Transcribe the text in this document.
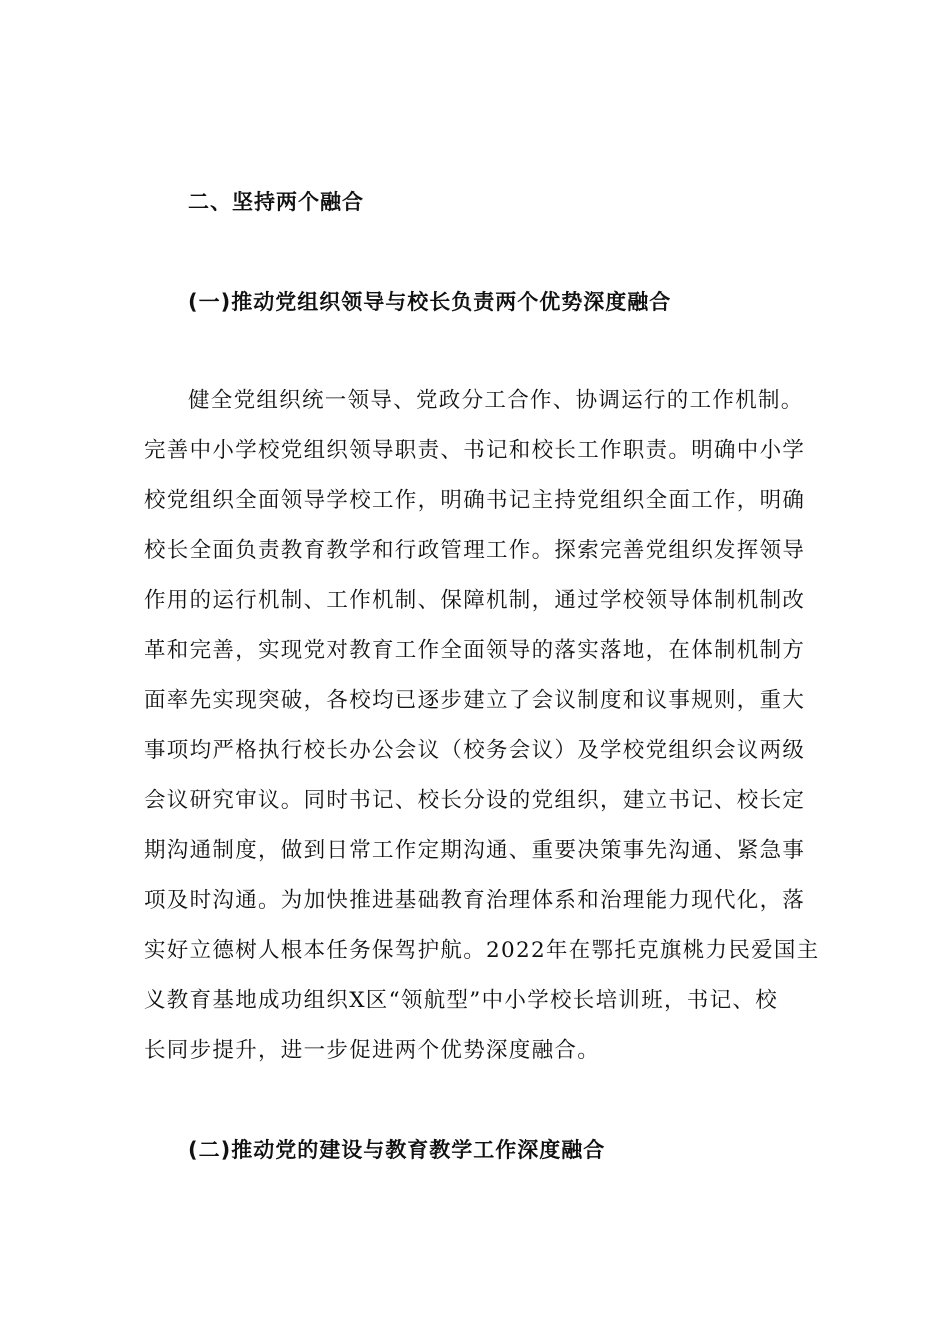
二、坚持两个融合
(一)推动党组织领导与校长负责两个优势深度融合
健全党组织统一领导、党政分工合作、协调运行的工作机制。
完善中小学校党组织领导职责、书记和校长工作职责。明确中小学
校党组织全面领导学校工作，明确书记主持党组织全面工作，明确
校长全面负责教育教学和行政管理工作。探索完善党组织发挥领导
作用的运行机制、工作机制、保障机制，通过学校领导体制机制改
革和完善，实现党对教育工作全面领导的落实落地，在体制机制方
面率先实现突破，各校均已逐步建立了会议制度和议事规则，重大
事项均严格执行校长办公会议（校务会议）及学校党组织会议两级
会议研究审议。同时书记、校长分设的党组织，建立书记、校长定
期沟通制度，做到日常工作定期沟通、重要决策事先沟通、紧急事
项及时沟通。为加快推进基础教育治理体系和治理能力现代化，落
实好立德树人根本任务保驾护航。2022年在鄂托克旗桃力民爱国主
义教育基地成功组织X区“领航型”中小学校长培训班，书记、校
长同步提升，进一步促进两个优势深度融合。
(二)推动党的建设与教育教学工作深度融合
